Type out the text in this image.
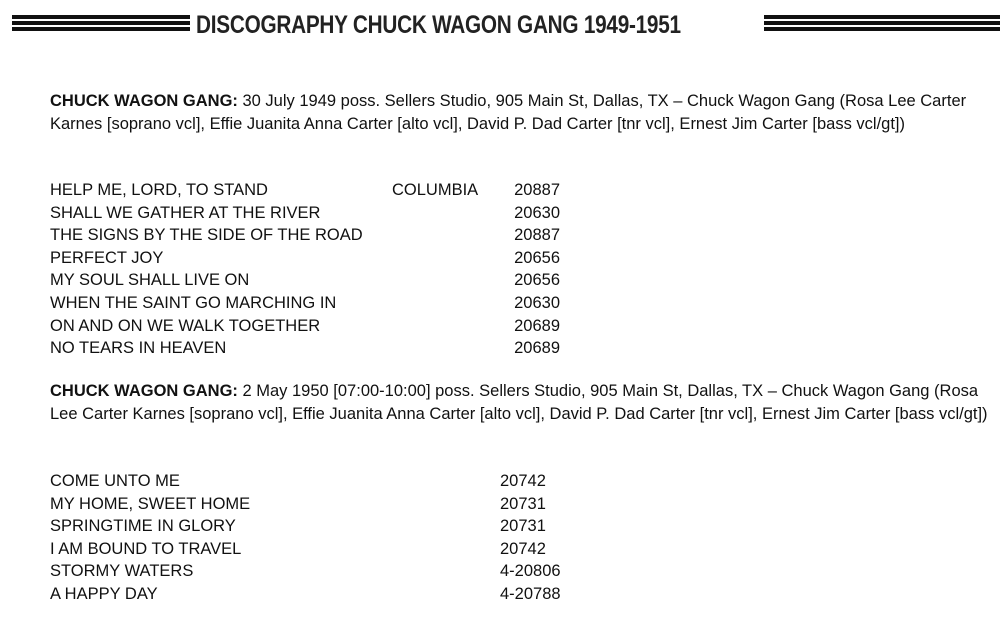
DISCOGRAPHY CHUCK WAGON GANG 1949-1951
CHUCK WAGON GANG: 30 July 1949 poss. Sellers Studio, 905 Main St, Dallas, TX – Chuck Wagon Gang (Rosa Lee Carter Karnes [soprano vcl], Effie Juanita Anna Carter [alto vcl], David P. Dad Carter [tnr vcl], Ernest Jim Carter [bass vcl/gt])
HELP ME, LORD, TO STAND	COLUMBIA 20887
SHALL WE GATHER AT THE RIVER	20630
THE SIGNS BY THE SIDE OF THE ROAD	20887
PERFECT JOY	20656
MY SOUL SHALL LIVE ON	20656
WHEN THE SAINT GO MARCHING IN	20630
ON AND ON WE WALK TOGETHER	20689
NO TEARS IN HEAVEN	20689
CHUCK WAGON GANG: 2 May 1950 [07:00-10:00] poss. Sellers Studio, 905 Main St, Dallas, TX – Chuck Wagon Gang (Rosa Lee Carter Karnes [soprano vcl], Effie Juanita Anna Carter [alto vcl], David P. Dad Carter [tnr vcl], Ernest Jim Carter [bass vcl/gt])
COME UNTO ME	20742
MY HOME, SWEET HOME	20731
SPRINGTIME IN GLORY	20731
I AM BOUND TO TRAVEL	20742
STORMY WATERS	4-20806
A HAPPY DAY	4-20788
